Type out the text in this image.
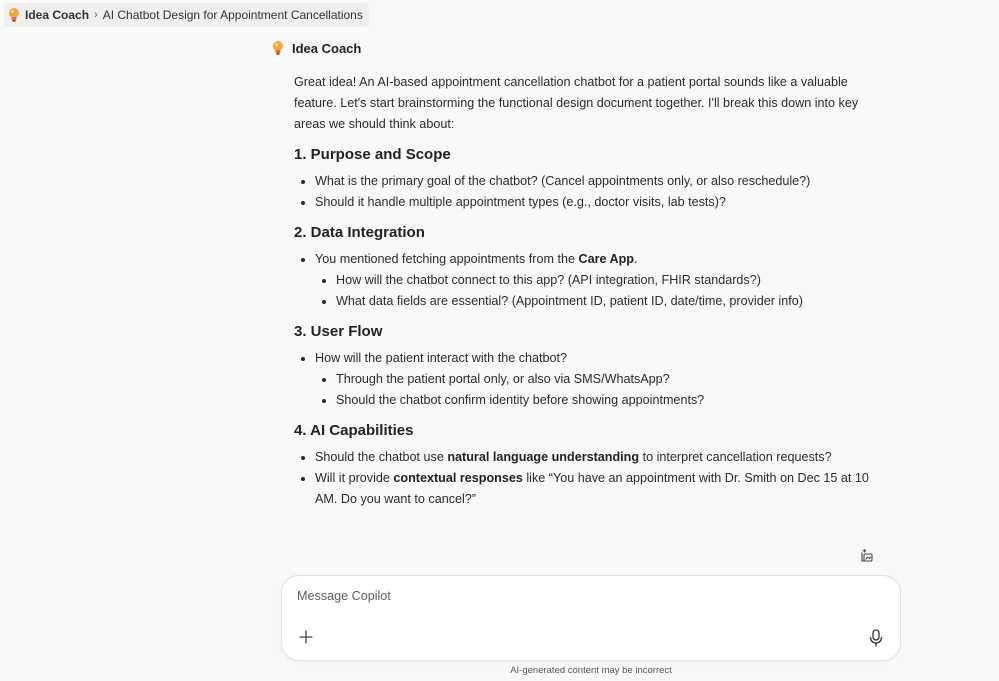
Idea Coach › AI Chatbot Design for Appointment Cancellations
Idea Coach

Great idea! An AI-based appointment cancellation chatbot for a patient portal sounds like a valuable feature. Let's start brainstorming the functional design document together. I'll break this down into key areas we should think about:

1. Purpose and Scope
• What is the primary goal of the chatbot? (Cancel appointments only, or also reschedule?)
• Should it handle multiple appointment types (e.g., doctor visits, lab tests)?
2. Data Integration
• You mentioned fetching appointments from the Care App.
• How will the chatbot connect to this app? (API integration, FHIR standards?)
• What data fields are essential? (Appointment ID, patient ID, date/time, provider info)
3. User Flow
• How will the patient interact with the chatbot?
• Through the patient portal only, or also via SMS/WhatsApp?
• Should the chatbot confirm identity before showing appointments?
4. AI Capabilities
• Should the chatbot use natural language understanding to interpret cancellation requests?
• Will it provide contextual responses like “You have an appointment with Dr. Smith on Dec 15 at 10 AM. Do you want to cancel?”
Message Copilot
AI-generated content may be incorrect
